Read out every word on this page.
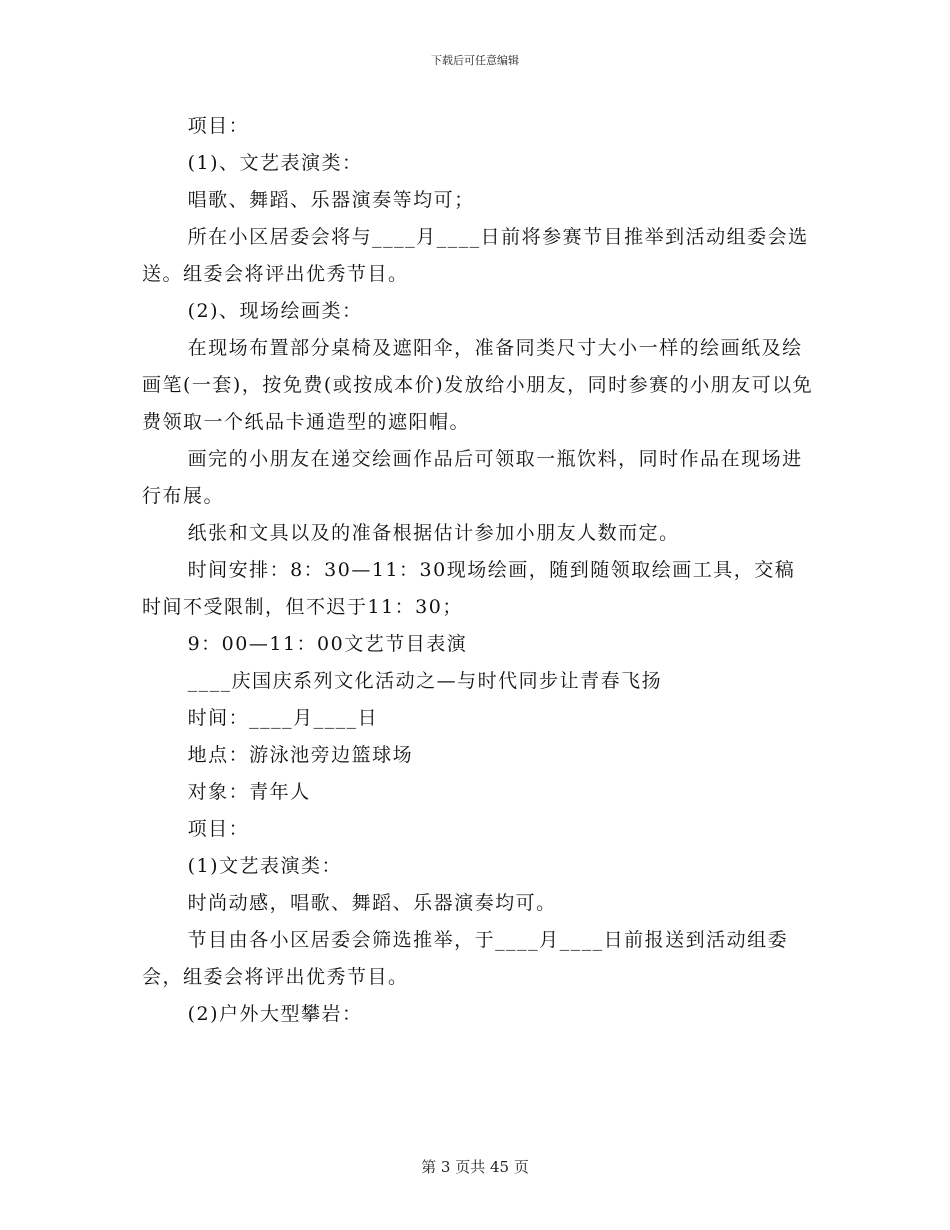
下载后可任意编辑

项目：

(1)、文艺表演类：

唱歌、舞蹈、乐器演奏等均可；

所在小区居委会将与____月____日前将参赛节目推举到活动组委会选送。组委会将评出优秀节目。

(2)、现场绘画类：

在现场布置部分桌椅及遮阳伞，准备同类尺寸大小一样的绘画纸及绘画笔(一套)，按免费(或按成本价)发放给小朋友，同时参赛的小朋友可以免费领取一个纸品卡通造型的遮阳帽。

画完的小朋友在递交绘画作品后可领取一瓶饮料，同时作品在现场进行布展。

纸张和文具以及的准备根据估计参加小朋友人数而定。

时间安排：8：30—11：30现场绘画，随到随领取绘画工具，交稿时间不受限制，但不迟于11：30；

9：00—11：00文艺节目表演

____庆国庆系列文化活动之—与时代同步让青春飞扬

时间：____月____日

地点：游泳池旁边篮球场

对象：青年人

项目：

(1)文艺表演类：

时尚动感，唱歌、舞蹈、乐器演奏均可。

节目由各小区居委会筛选推举，于____月____日前报送到活动组委会，组委会将评出优秀节目。

(2)户外大型攀岩：

第 3 页共 45 页
